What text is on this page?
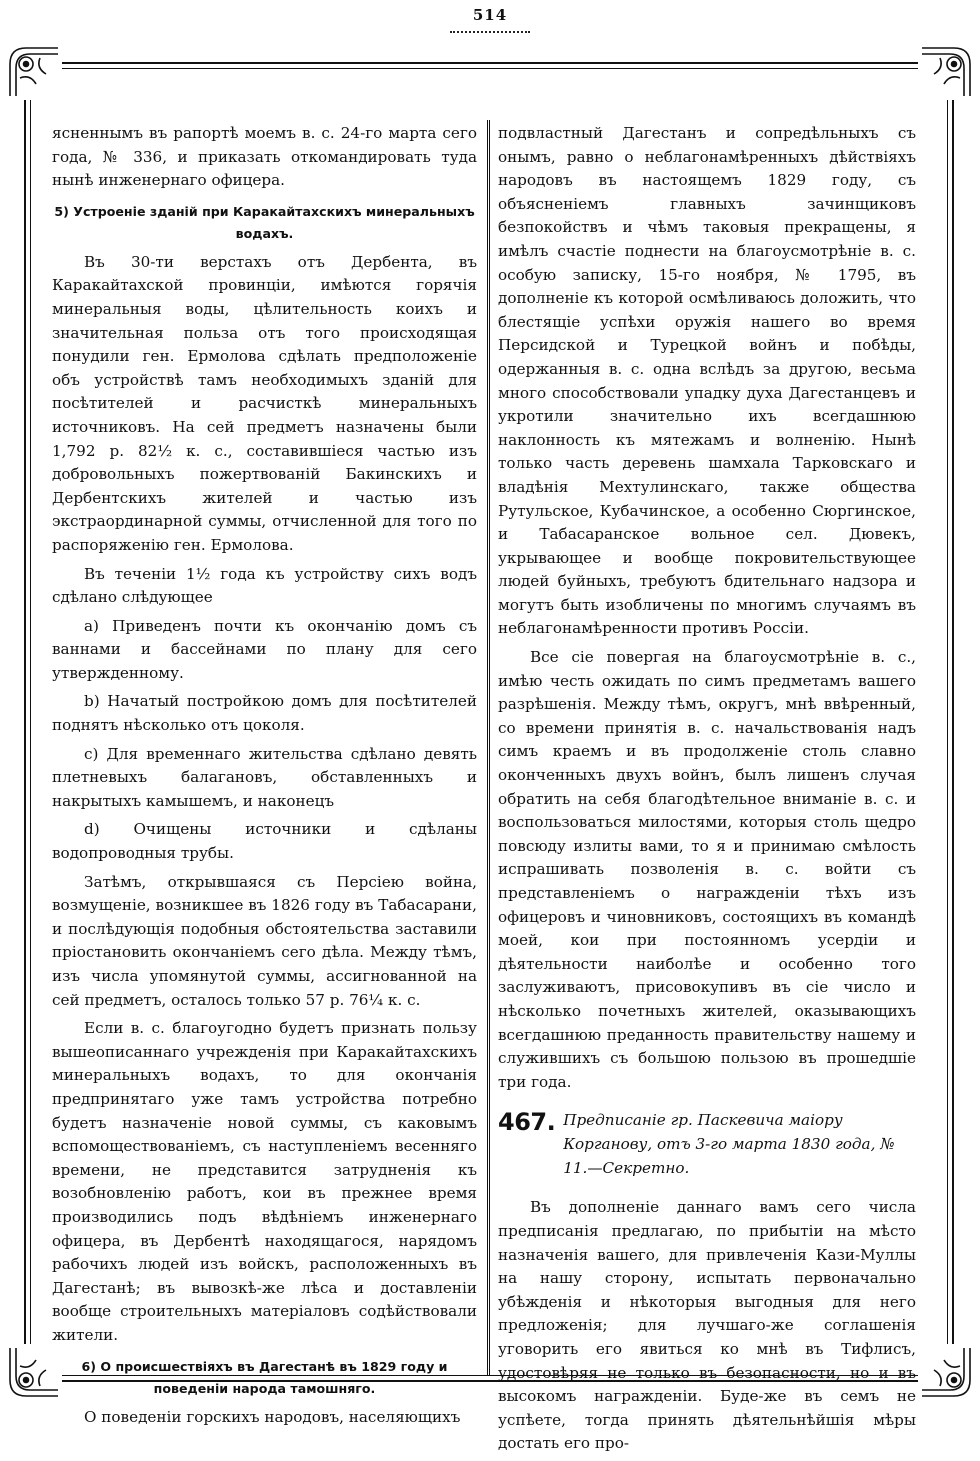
514

ясненнымъ въ рапортѣ моемъ в. с. 24-го марта сего года, № 336, и приказать откомандировать туда нынѣ инженернаго офицера.

5) Устроеніе зданій при Каракайтахскихъ минеральныхъ водахъ.

Въ 30-ти верстахъ отъ Дербента, въ Каракайтахской провинціи, имѣются горячія минеральныя воды, цѣлительность коихъ и значительная польза отъ того происходящая понудили ген. Ермолова сдѣлать предположеніе объ устройствѣ тамъ необходимыхъ зданій для посѣтителей и расчисткѣ минеральныхъ источниковъ. На сей предметъ назначены были 1,792 р. 82½ к. с., составившіеся частью изъ добровольныхъ пожертвованій Бакинскихъ и Дербентскихъ жителей и частью изъ экстраординарной суммы, отчисленной для того по распоряженію ген. Ермолова.

Въ теченіи 1½ года къ устройству сихъ водъ сдѣлано слѣдующее

a) Приведенъ почти къ окончанію домъ съ ваннами и бассейнами по плану для сего утвержденному.

b) Начатый постройкою домъ для посѣтителей поднятъ нѣсколько отъ цоколя.

c) Для временнаго жительства сдѣлано девять плетневыхъ балагановъ, обставленныхъ и накрытыхъ камышемъ, и наконецъ

d) Очищены источники и сдѣланы водопроводныя трубы.

Затѣмъ, открывшаяся съ Персіею война, возмущеніе, возникшее въ 1826 году въ Табасарани, и послѣдующія подобныя обстоятельства заставили пріостановить окончаніемъ сего дѣла. Между тѣмъ, изъ числа упомянутой суммы, ассигнованной на сей предметъ, осталось только 57 р. 76¼ к. с.

Если в. с. благоугодно будетъ признать пользу вышеописаннаго учрежденія при Каракайтахскихъ минеральныхъ водахъ, то для окончанія предпринятаго уже тамъ устройства потребно будетъ назначеніе новой суммы, съ каковымъ вспомоществованіемъ, съ наступленіемъ весенняго времени, не представится затрудненія къ возобновленію работъ, кои въ прежнее время производились подъ вѣдѣніемъ инженернаго офицера, въ Дербентѣ находящагося, нарядомъ рабочихъ людей изъ войскъ, расположенныхъ въ Дагестанѣ; въ вывозкѣ-же лѣса и доставленіи вообще строительныхъ матеріаловъ содѣйствовали жители.

6) О происшествіяхъ въ Дагестанѣ въ 1829 году и поведеніи народа тамошняго.

О поведеніи горскихъ народовъ, населяющихъ

подвластный Дагестанъ и сопредѣльныхъ съ онымъ, равно о неблагонамѣренныхъ дѣйствіяхъ народовъ въ настоящемъ 1829 году, съ объясненіемъ главныхъ зачинщиковъ безпокойствъ и чѣмъ таковыя прекращены, я имѣлъ счастіе поднести на благоусмотрѣніе в. с. особую записку, 15-го ноября, № 1795, въ дополненіе къ которой осмѣливаюсь доложить, что блестящіе успѣхи оружія нашего во время Персидской и Турецкой войнъ и побѣды, одержанныя в. с. одна вслѣдъ за другою, весьма много способствовали упадку духа Дагестанцевъ и укротили значительно ихъ всегдашнюю наклонность къ мятежамъ и волненію. Нынѣ только часть деревень шамхала Тарковскаго и владѣнія Мехтулинскаго, также общества Рутульское, Кубачинское, а особенно Сюргинское, и Табасаранское вольное сел. Дювекъ, укрывающее и вообще покровительствующее людей буйныхъ, требуютъ бдительнаго надзора и могутъ быть изобличены по многимъ случаямъ въ неблагонамѣренности противъ Россіи.

Все сіе повергая на благоусмотрѣніе в. с., имѣю честь ожидать по симъ предметамъ вашего разрѣшенія. Между тѣмъ, округъ, мнѣ ввѣренный, со времени принятія в. с. начальствованія надъ симъ краемъ и въ продолженіе столь славно оконченныхъ двухъ войнъ, былъ лишенъ случая обратить на себя благодѣтельное вниманіе в. с. и воспользоваться милостями, которыя столь щедро повсюду излиты вами, то я и принимаю смѣлость испрашивать позволенія в. с. войти съ представленіемъ о награжденіи тѣхъ изъ офицеровъ и чиновниковъ, состоящихъ въ командѣ моей, кои при постоянномъ усердіи и дѣятельности наиболѣе и особенно того заслуживаютъ, присовокупивъ въ сіе число и нѣсколько почетныхъ жителей, оказывающихъ всегдашнюю преданность правительству нашему и служившихъ съ большою пользою въ прошедшіе три года.

467. Предписаніе гр. Паскевича маіору Корганову, отъ 3-го марта 1830 года, № 11.—Секретно.

Въ дополненіе даннаго вамъ сего числа предписанія предлагаю, по прибытіи на мѣсто назначенія вашего, для привлеченія Кази-Муллы на нашу сторону, испытать первоначально убѣжденія и нѣкоторыя выгодныя для него предложенія; для лучшаго-же соглашенія уговорить его явиться ко мнѣ въ Тифлисъ, удостовѣряя не только въ безопасности, но и въ высокомъ награжденіи. Буде-же въ семъ не успѣете, тогда принять дѣятельнѣйшія мѣры достать его про-
